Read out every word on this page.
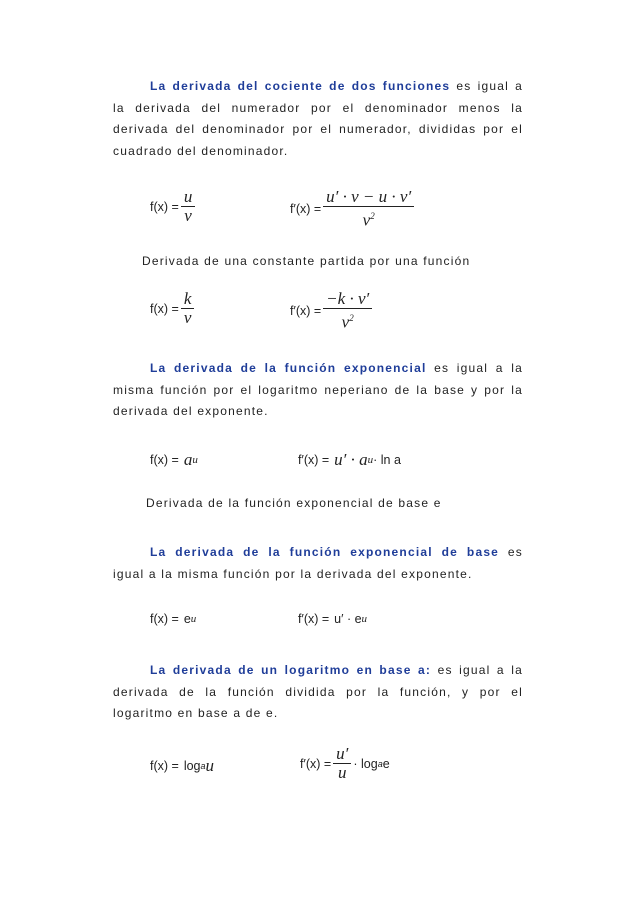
La derivada del cociente de dos funciones es igual a la derivada del numerador por el denominador menos la derivada del denominador por el numerador, divididas por el cuadrado del denominador.

$f(x) = \frac{u}{v}$	$f'(x) = \frac{u' \cdot v - u \cdot v'}{v^2}$
Derivada de una constante partida por una función
$f(x) = \frac{k}{v}$	$f'(x) = \frac{-k \cdot v'}{v^2}$

La derivada de la función exponencial es igual a la misma función por el logaritmo neperiano de la base y por la derivada del exponente.

f(x) = a u	f′(x) = u′ · a u · ln a
Derivada de la función exponencial de base e

La derivada de la función exponencial de base es igual a la misma función por la derivada del exponente.

f(x) = e u	f′(x) = u′ · e u

La derivada de un logaritmo en base a: es igual a la derivada de la función dividida por la función, y por el logaritmo en base a de e.

f(x) = log a u	$f'(x) = \frac{u'}{u} \cdot \log a$ e
